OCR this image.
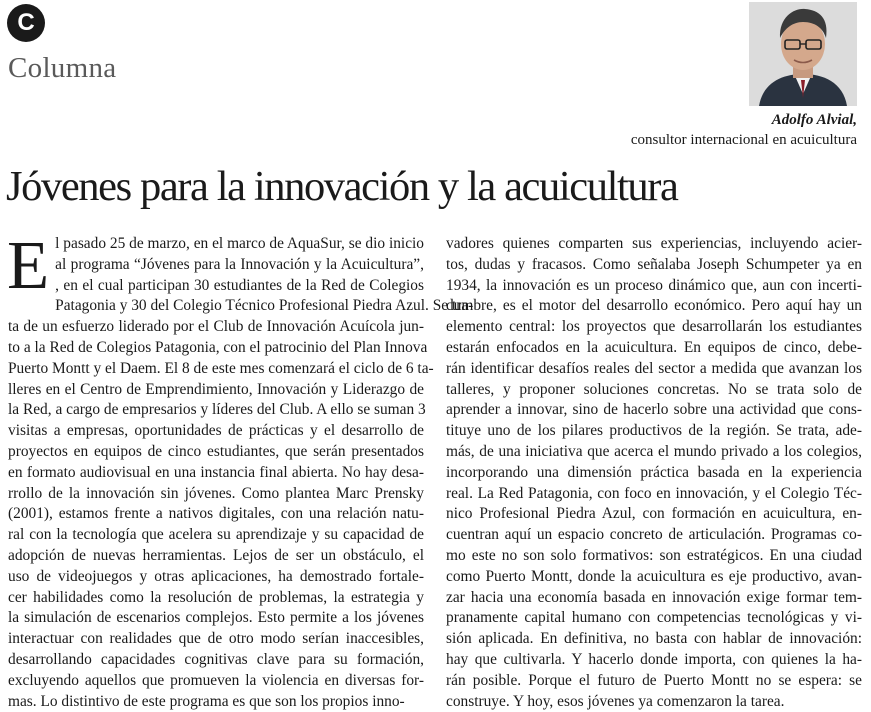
C
Columna
Adolfo Alvial,
consultor internacional en acuicultura
Jóvenes para la innovación y la acuicultura
E l pasado 25 de marzo, en el marco de AquaSur, se dio inicio
al programa “Jóvenes para la Innovación y la Acuicultura”,
, en el cual participan 30 estudiantes de la Red de Colegios
Patagonia y 30 del Colegio Técnico Profesional Piedra Azul. Se tra-
ta de un esfuerzo liderado por el Club de Innovación Acuícola jun-
to a la Red de Colegios Patagonia, con el patrocinio del Plan Innova
Puerto Montt y el Daem. El 8 de este mes comenzará el ciclo de 6 ta-
lleres en el Centro de Emprendimiento, Innovación y Liderazgo de
la Red, a cargo de empresarios y líderes del Club. A ello se suman 3
visitas a empresas, oportunidades de prácticas y el desarrollo de
proyectos en equipos de cinco estudiantes, que serán presentados
en formato audiovisual en una instancia final abierta. No hay desa-
rrollo de la innovación sin jóvenes. Como plantea Marc Prensky
(2001), estamos frente a nativos digitales, con una relación natu-
ral con la tecnología que acelera su aprendizaje y su capacidad de
adopción de nuevas herramientas. Lejos de ser un obstáculo, el
uso de videojuegos y otras aplicaciones, ha demostrado fortale-
cer habilidades como la resolución de problemas, la estrategia y
la simulación de escenarios complejos. Esto permite a los jóvenes
interactuar con realidades que de otro modo serían inaccesibles,
desarrollando capacidades cognitivas clave para su formación,
excluyendo aquellos que promueven la violencia en diversas for-
mas. Lo distintivo de este programa es que son los propios inno-
vadores quienes comparten sus experiencias, incluyendo acier-
tos, dudas y fracasos. Como señalaba Joseph Schumpeter ya en
1934, la innovación es un proceso dinámico que, aun con incerti-
dumbre, es el motor del desarrollo económico. Pero aquí hay un
elemento central: los proyectos que desarrollarán los estudiantes
estarán enfocados en la acuicultura. En equipos de cinco, debe-
rán identificar desafíos reales del sector a medida que avanzan los
talleres, y proponer soluciones concretas. No se trata solo de
aprender a innovar, sino de hacerlo sobre una actividad que cons-
tituye uno de los pilares productivos de la región. Se trata, ade-
más, de una iniciativa que acerca el mundo privado a los colegios,
incorporando una dimensión práctica basada en la experiencia
real. La Red Patagonia, con foco en innovación, y el Colegio Téc-
nico Profesional Piedra Azul, con formación en acuicultura, en-
cuentran aquí un espacio concreto de articulación. Programas co-
mo este no son solo formativos: son estratégicos. En una ciudad
como Puerto Montt, donde la acuicultura es eje productivo, avan-
zar hacia una economía basada en innovación exige formar tem-
pranamente capital humano con competencias tecnológicas y vi-
sión aplicada. En definitiva, no basta con hablar de innovación:
hay que cultivarla. Y hacerlo donde importa, con quienes la ha-
rán posible. Porque el futuro de Puerto Montt no se espera: se
construye. Y hoy, esos jóvenes ya comenzaron la tarea.
